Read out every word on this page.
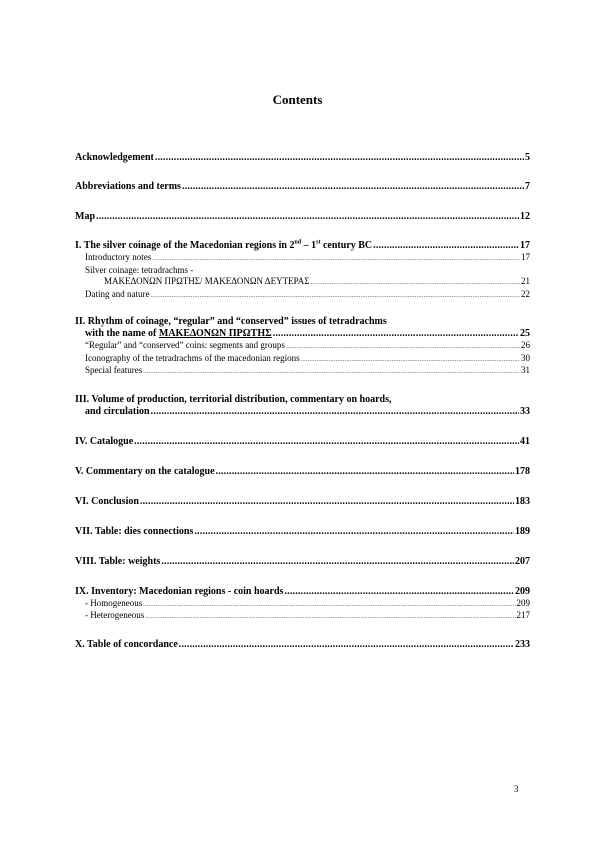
Contents
Acknowledgement .....	5
Abbreviations and terms .....	7
Map .....	12
I. The silver coinage of the Macedonian regions in 2nd – 1st century BC .....	17
Introductory notes .....	17
Silver coinage: tetradrachms -
ΜΑΚΕΔΟΝΩΝ ΠΡΩΤΗΣ/ ΜΑΚΕΔΟΝΩΝ ΔΕΥΤΕΡΑΣ .....	21
Dating and nature .....	22
II. Rhythm of coinage, “regular” and “conserved” issues of tetradrachms
with the name of ΜΑΚΕΔΟΝΩΝ ΠΡΩΤΗΣ .....	25
“Regular” and “conserved” coins: segments and groups .....	26
Iconography of the tetradrachms of the macedonian regions .....	30
Special features .....	31
III. Volume of production, territorial distribution, commentary on hoards,
and circulation .....	33
IV. Catalogue .....	41
V. Commentary on the catalogue .....	178
VI. Conclusion .....	183
VII. Table: dies connections .....	189
VIII. Table: weights .....	207
IX. Inventory: Macedonian regions - coin hoards .....	209
- Homogeneous .....	209
- Heterogeneous .....	217
X. Table of concordance .....	233
3
